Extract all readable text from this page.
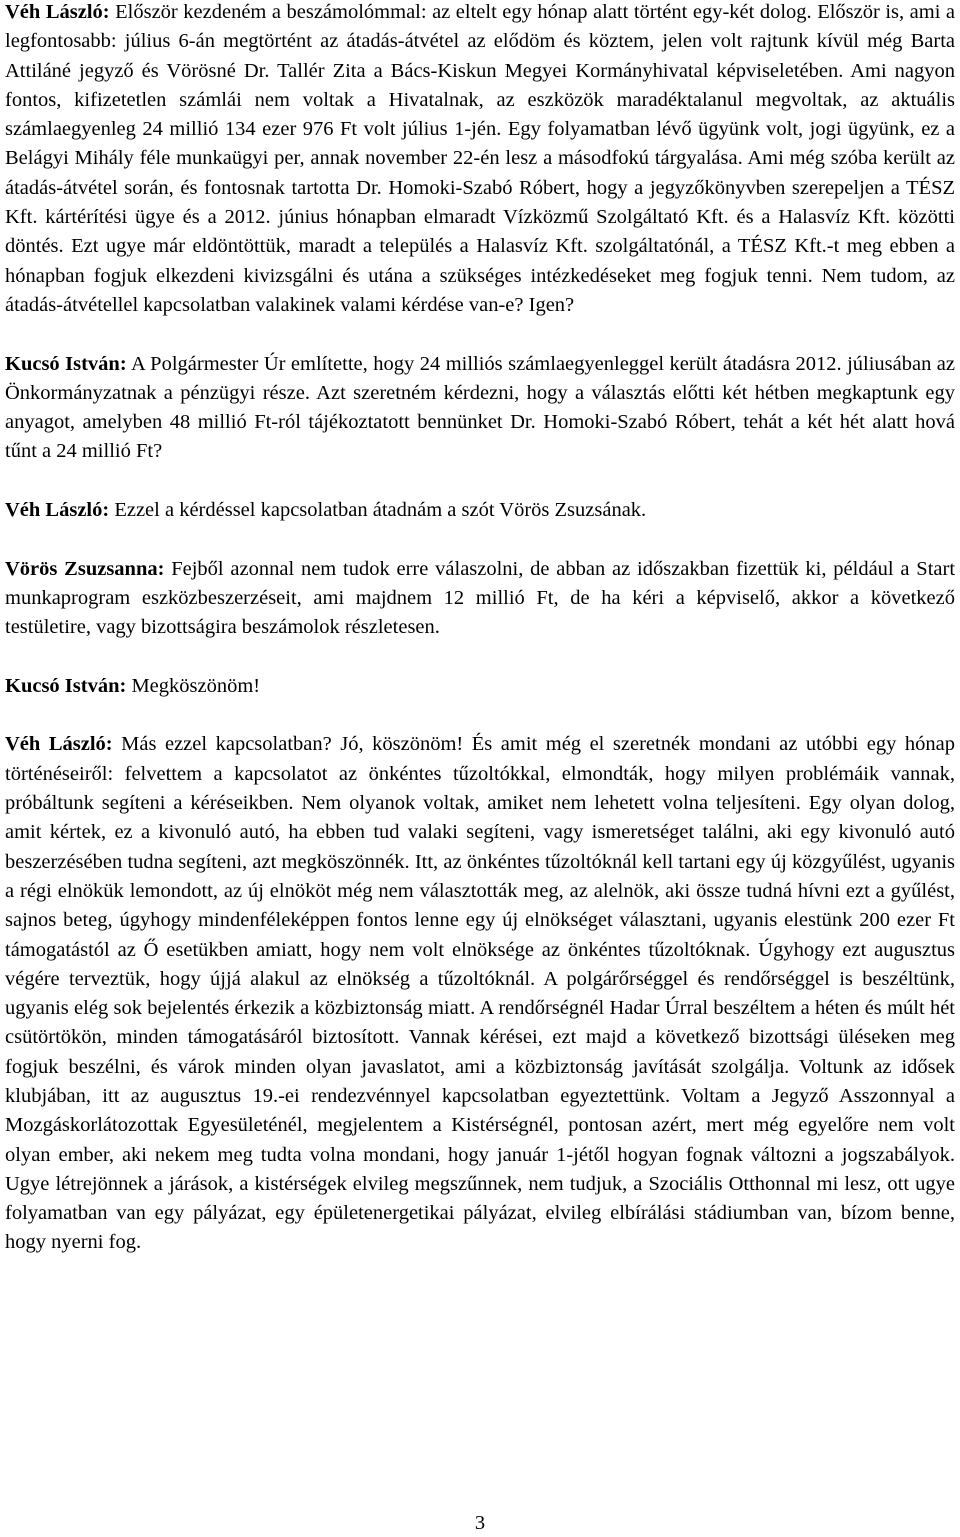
Véh László: Először kezdeném a beszámolómmal: az eltelt egy hónap alatt történt egy-két dolog. Először is, ami a legfontosabb: július 6-án megtörtént az átadás-átvétel az elődöm és köztem, jelen volt rajtunk kívül még Barta Attiláné jegyző és Vörösné Dr. Tallér Zita a Bács-Kiskun Megyei Kormányhivatal képviseletében. Ami nagyon fontos, kifizetetlen számlái nem voltak a Hivatalnak, az eszközök maradéktalanul megvoltak, az aktuális számlaegyenleg 24 millió 134 ezer 976 Ft volt július 1-jén. Egy folyamatban lévő ügyünk volt, jogi ügyünk, ez a Belágyi Mihály féle munkaügyi per, annak november 22-én lesz a másodfokú tárgyalása. Ami még szóba került az átadás-átvétel során, és fontosnak tartotta Dr. Homoki-Szabó Róbert, hogy a jegyzőkönyvben szerepeljen a TÉSZ Kft. kártérítési ügye és a 2012. június hónapban elmaradt Vízközmű Szolgáltató Kft. és a Halasvíz Kft. közötti döntés. Ezt ugye már eldöntöttük, maradt a település a Halasvíz Kft. szolgáltatónál, a TÉSZ Kft.-t meg ebben a hónapban fogjuk elkezdeni kivizsgálni és utána a szükséges intézkedéseket meg fogjuk tenni. Nem tudom, az átadás-átvétellel kapcsolatban valakinek valami kérdése van-e? Igen?

Kucsó István: A Polgármester Úr említette, hogy 24 milliós számlaegyenleggel került átadásra 2012. júliusában az Önkormányzatnak a pénzügyi része. Azt szeretném kérdezni, hogy a választás előtti két hétben megkaptunk egy anyagot, amelyben 48 millió Ft-ról tájékoztatott bennünket Dr. Homoki-Szabó Róbert, tehát a két hét alatt hová tűnt a 24 millió Ft?

Véh László: Ezzel a kérdéssel kapcsolatban átadnám a szót Vörös Zsuzsának.

Vörös Zsuzsanna: Fejből azonnal nem tudok erre válaszolni, de abban az időszakban fizettük ki, például a Start munkaprogram eszközbeszerzéseit, ami majdnem 12 millió Ft, de ha kéri a képviselő, akkor a következő testületire, vagy bizottságira beszámolok részletesen.

Kucsó István: Megköszönöm!

Véh László: Más ezzel kapcsolatban? Jó, köszönöm! És amit még el szeretnék mondani az utóbbi egy hónap történéseiről: felvettem a kapcsolatot az önkéntes tűzoltókkal, elmondták, hogy milyen problémáik vannak, próbáltunk segíteni a kéréseikben. Nem olyanok voltak, amiket nem lehetett volna teljesíteni. Egy olyan dolog, amit kértek, ez a kivonuló autó, ha ebben tud valaki segíteni, vagy ismeretséget találni, aki egy kivonuló autó beszerzésében tudna segíteni, azt megköszönnék. Itt, az önkéntes tűzoltóknál kell tartani egy új közgyűlést, ugyanis a régi elnökük lemondott, az új elnököt még nem választották meg, az alelnök, aki össze tudná hívni ezt a gyűlést, sajnos beteg, úgyhogy mindenféleképpen fontos lenne egy új elnökséget választani, ugyanis elestünk 200 ezer Ft támogatástól az Ő esetükben amiatt, hogy nem volt elnöksége az önkéntes tűzoltóknak. Úgyhogy ezt augusztus végére terveztük, hogy újjá alakul az elnökség a tűzoltóknál. A polgárőrséggel és rendőrséggel is beszéltünk, ugyanis elég sok bejelentés érkezik a közbiztonság miatt. A rendőrségnél Hadar Úrral beszéltem a héten és múlt hét csütörtökön, minden támogatásáról biztosított. Vannak kérései, ezt majd a következő bizottsági üléseken meg fogjuk beszélni, és várok minden olyan javaslatot, ami a közbiztonság javítását szolgálja. Voltunk az idősek klubjában, itt az augusztus 19.-ei rendezvénnyel kapcsolatban egyeztettünk. Voltam a Jegyző Asszonnyal a Mozgáskorlátozottak Egyesületénél, megjelentem a Kistérségnél, pontosan azért, mert még egyelőre nem volt olyan ember, aki nekem meg tudta volna mondani, hogy január 1-jétől hogyan fognak változni a jogszabályok. Ugye létrejönnek a járások, a kistérségek elvileg megszűnnek, nem tudjuk, a Szociális Otthonnal mi lesz, ott ugye folyamatban van egy pályázat, egy épületenergetikai pályázat, elvileg elbírálási stádiumban van, bízom benne, hogy nyerni fog.

3
